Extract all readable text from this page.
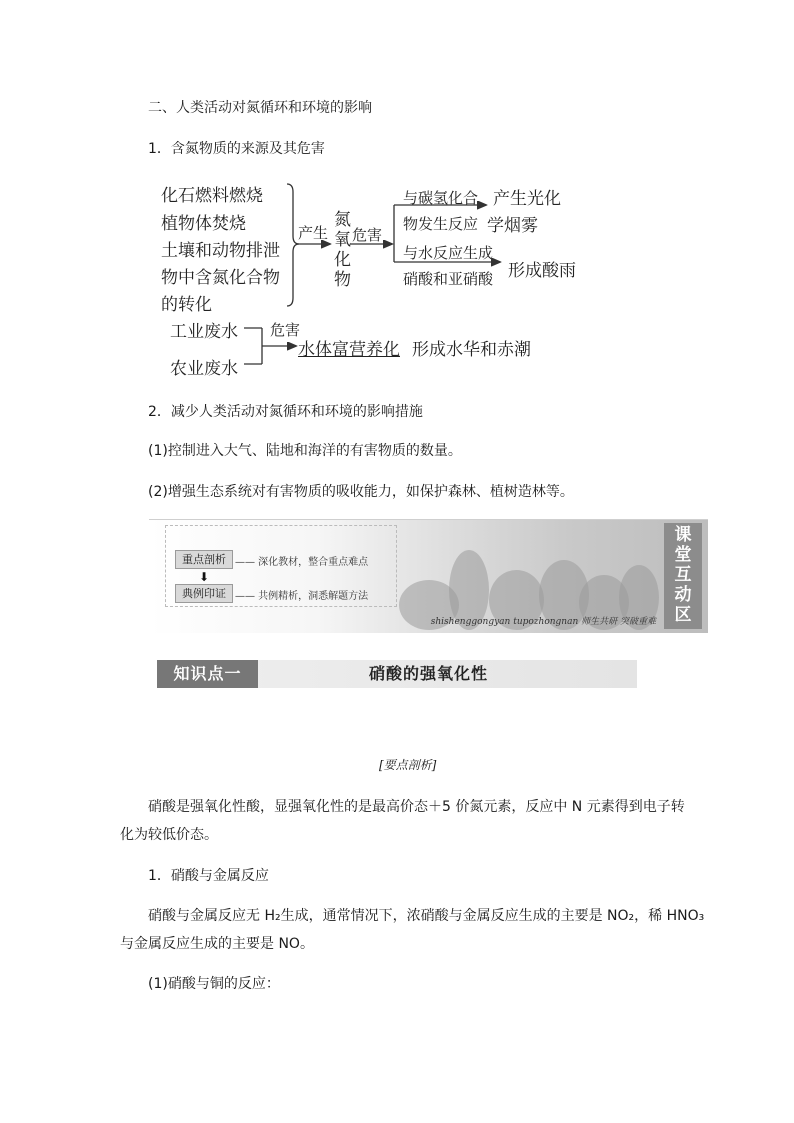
二、人类活动对氮循环和环境的影响
1．含氮物质的来源及其危害
化石燃料燃烧
植物体焚烧
土壤和动物排泄
物中含氮化合物
的转化
产生
氮
氧
化
物
危害
与碳氢化合 产生光化
物发生反应 学烟雾
与水反应生成
形成酸雨
硝酸和亚硝酸
工业废水
农业废水
危害
水体富营养化 形成水华和赤潮
2．减少人类活动对氮循环和环境的影响措施
(1)控制进入大气、陆地和海洋的有害物质的数量。
(2)增强生态系统对有害物质的吸收能力，如保护森林、植树造林等。
重点剖析 —— 深化教材，整合重点难点
⬇
典例印证 —— 共例精析，洞悉解题方法
课
堂
互
动
区
shishenggongyan tupozhongnan 师生共研 突破重难
知识点一	硝酸的强氧化性
[要点剖析]
硝酸是强氧化性酸，显强氧化性的是最高价态＋5 价氮元素，反应中 N 元素得到电子转
化为较低价态。
1．硝酸与金属反应
硝酸与金属反应无 H₂生成，通常情况下，浓硝酸与金属反应生成的主要是 NO₂，稀 HNO₃
与金属反应生成的主要是 NO。
(1)硝酸与铜的反应：
